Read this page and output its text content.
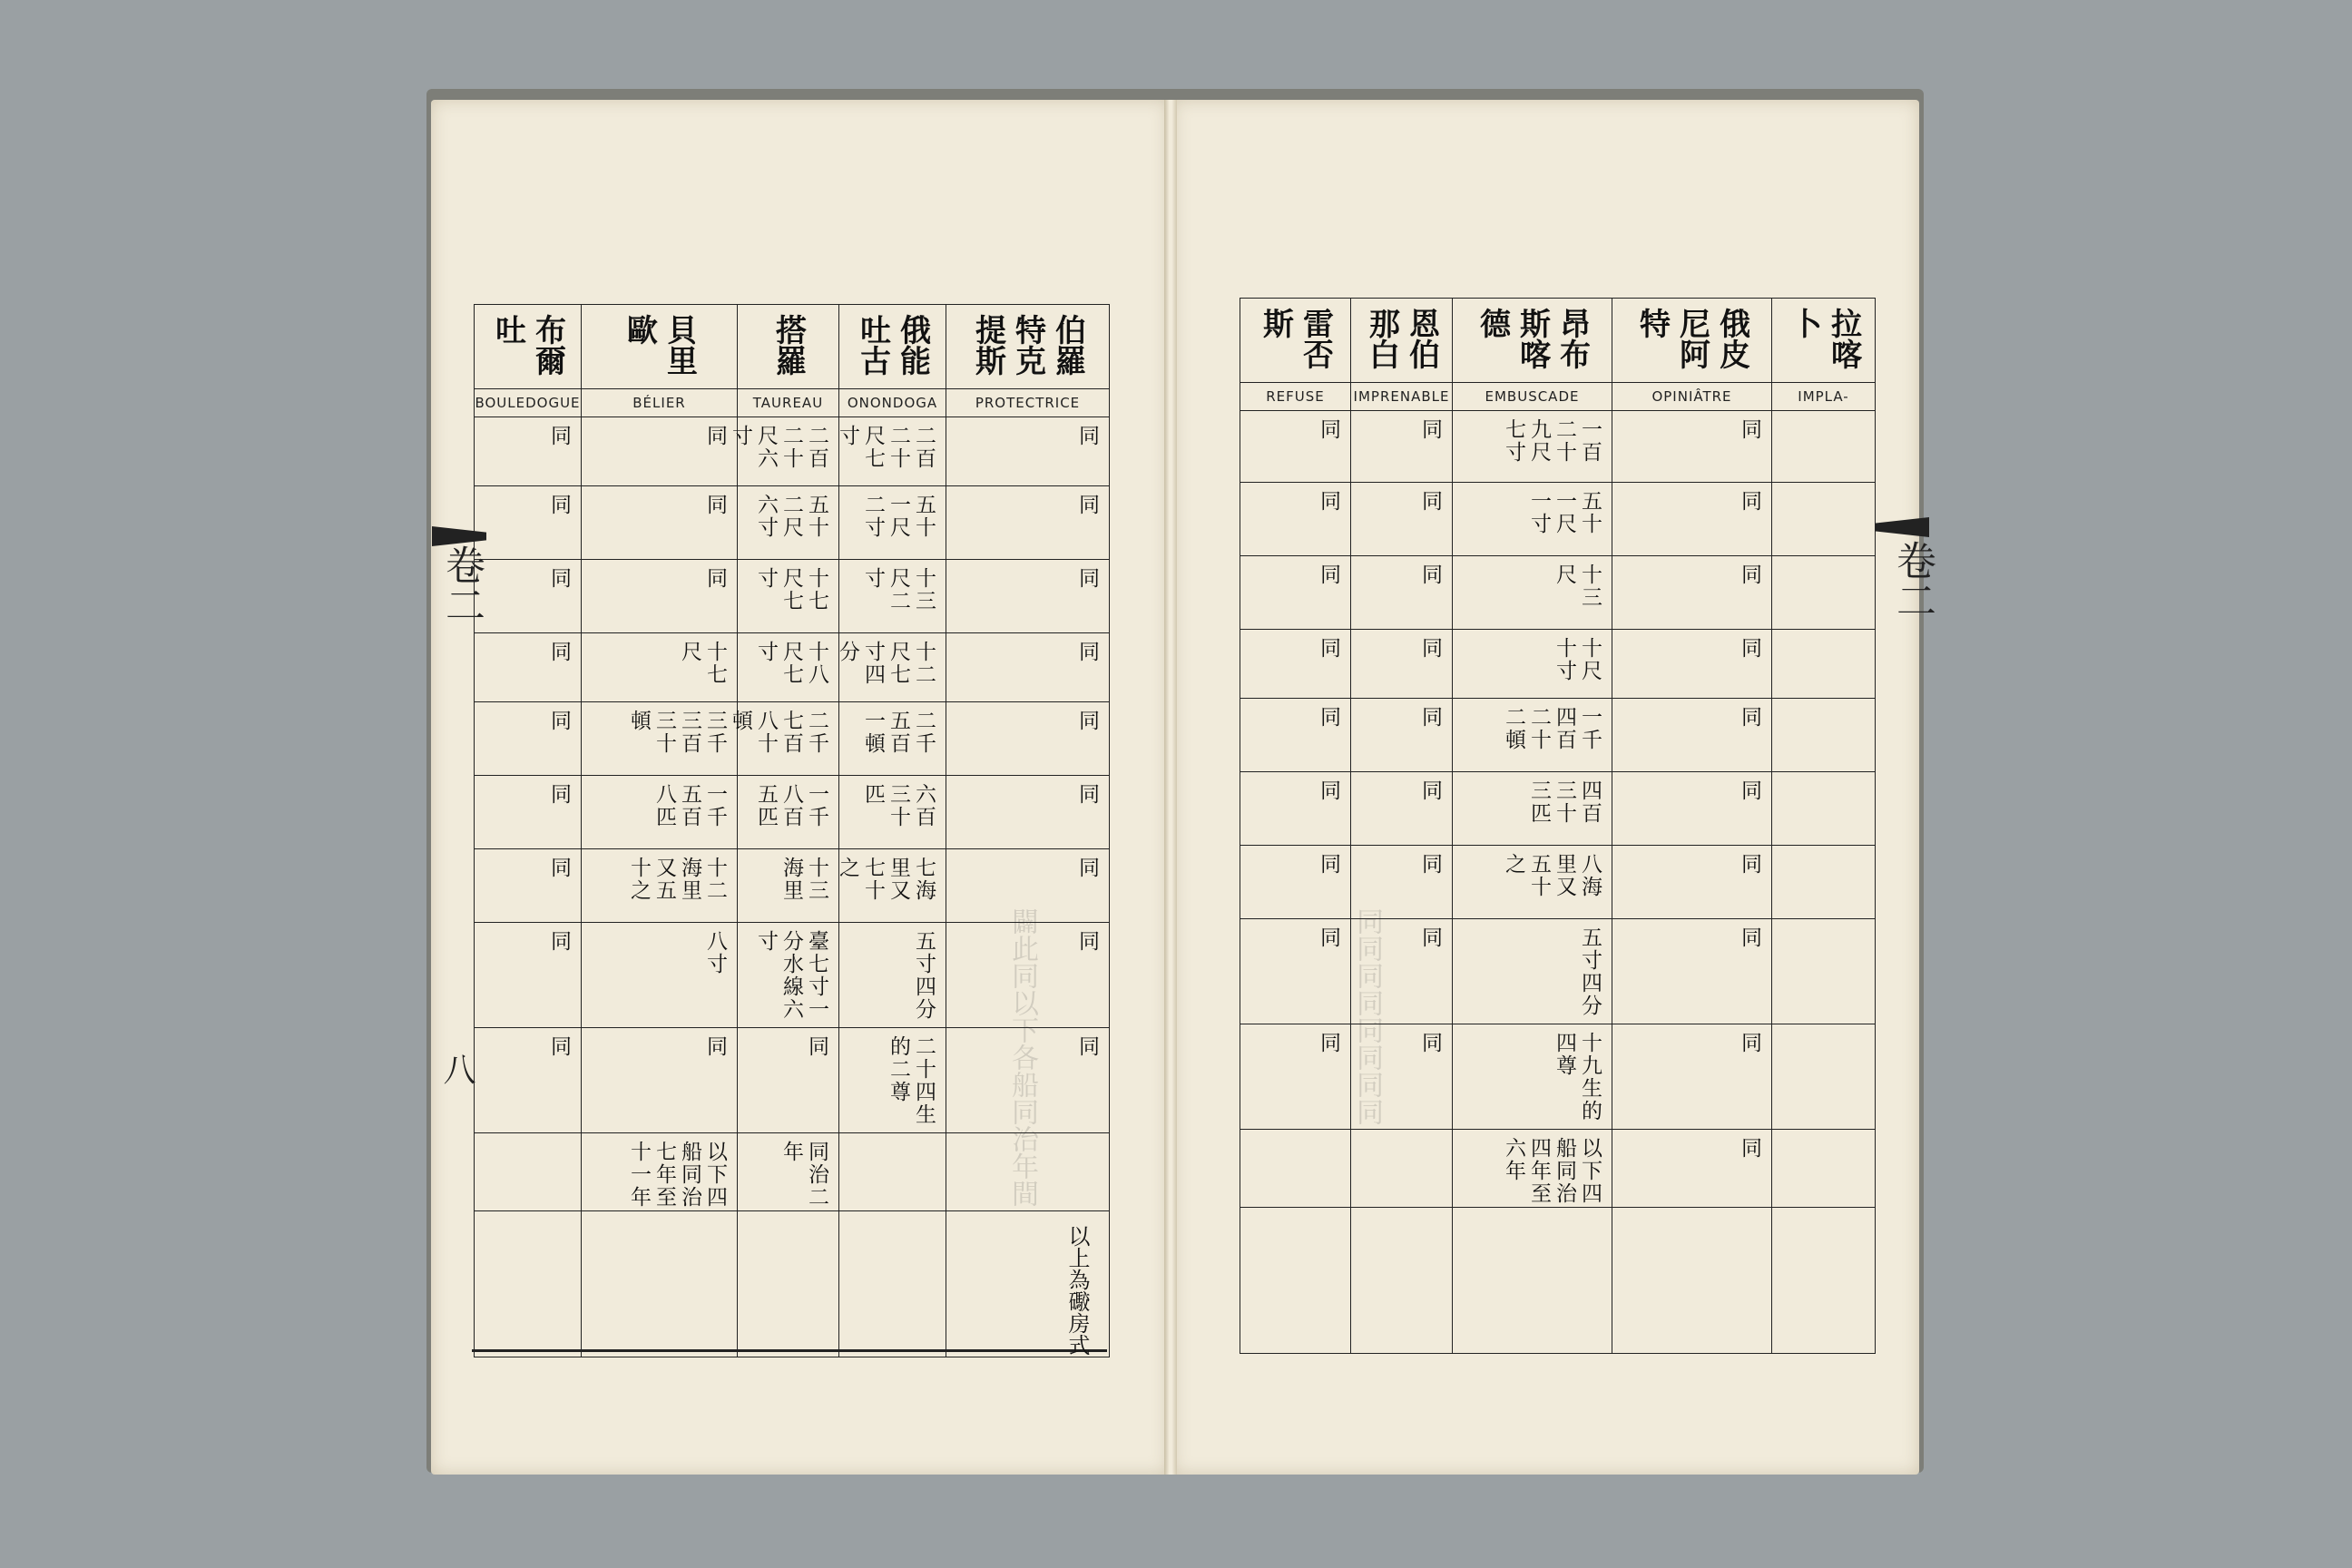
闢此同以下各船同治年間	同同同同同同同同
布爾吐	貝里歐	搭羅	俄能吐古	伯羅特克提斯

BOULEDOGUE	BÉLIER	TAUREAU	ONONDOGA	PROTECTRICE

同	同	二百二十尺六寸	二百二十尺七寸	同

同	同	五十二尺六寸	五十一尺二寸	同

同	同	十七尺七寸	十三尺二寸	同

同	十七尺	十八尺七寸	十二尺七寸四分	同

同	三千三百三十頓	二千七百八十頓	二千五百一頓	同

同	一千五百八匹	一千八百五匹	六百三十匹	同

同	十二海里又五十之	十三海里	七海里又七十之	同

同	八寸	臺七寸一分水線六寸	五寸四分	同

同	同	同	二十四生的二尊	同

	以下四船同治七年至十一年	同治二年		

卷二
八
以上為礮房式
雷否斯	恩伯那白	昂布斯喀德	俄皮尼阿特	拉喀卜

REFUSE	IMPRENABLE	EMBUSCADE	OPINIÂTRE	IMPLA-

同	同	一百二十九尺七寸	同	

同	同	五十一尺一寸	同	

同	同	十三尺	同	

同	同	十尺十寸	同	

同	同	一千四百二十二頓	同	

同	同	四百三十三匹	同	

同	同	八海里又五十之	同	

同	同	五寸四分	同	

同	同	十九生的四尊	同	

		以下四船同治四年至六年	同	

卷二
